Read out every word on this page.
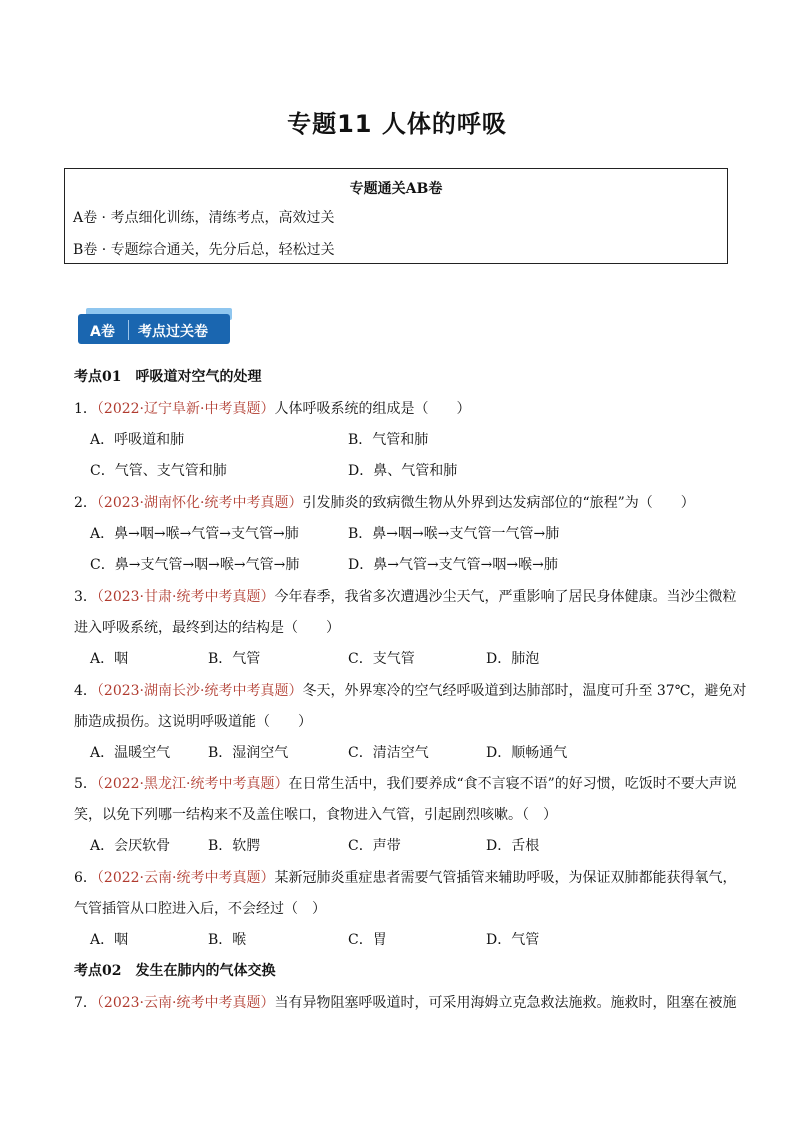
专题11 人体的呼吸
专题通关AB卷
A卷 · 考点细化训练，清练考点，高效过关
B卷 · 专题综合通关，先分后总，轻松过关
A卷 考点过关卷
考点01　呼吸道对空气的处理
1．（2022·辽宁阜新·中考真题）人体呼吸系统的组成是（　　）
A．呼吸道和肺	B．气管和肺
C．气管、支气管和肺	D．鼻、气管和肺
2．（2023·湖南怀化·统考中考真题）引发肺炎的致病微生物从外界到达发病部位的“旅程”为（　　）
A．鼻→咽→喉→气管→支气管→肺	B．鼻→咽→喉→支气管一气管→肺
C．鼻→支气管→咽→喉→气管→肺	D．鼻→气管→支气管→咽→喉→肺
3．（2023·甘肃·统考中考真题）今年春季，我省多次遭遇沙尘天气，严重影响了居民身体健康。当沙尘微粒
进入呼吸系统，最终到达的结构是（　　）
A．咽	B．气管	C．支气管	D．肺泡
4．（2023·湖南长沙·统考中考真题）冬天，外界寒冷的空气经呼吸道到达肺部时，温度可升至 37℃，避免对
肺造成损伤。这说明呼吸道能（　　）
A．温暖空气	B．湿润空气	C．清洁空气	D．顺畅通气
5．（2022·黑龙江·统考中考真题）在日常生活中，我们要养成“食不言寝不语”的好习惯，吃饭时不要大声说
笑，以免下列哪一结构来不及盖住喉口，食物进入气管，引起剧烈咳嗽。（　）
A．会厌软骨	B．软腭	C．声带	D．舌根
6．（2022·云南·统考中考真题）某新冠肺炎重症患者需要气管插管来辅助呼吸，为保证双肺都能获得氧气，
气管插管从口腔进入后，不会经过（　）
A．咽	B．喉	C．胃	D．气管
考点02　发生在肺内的气体交换
7．（2023·云南·统考中考真题）当有异物阻塞呼吸道时，可采用海姆立克急救法施救。施救时，阻塞在被施
